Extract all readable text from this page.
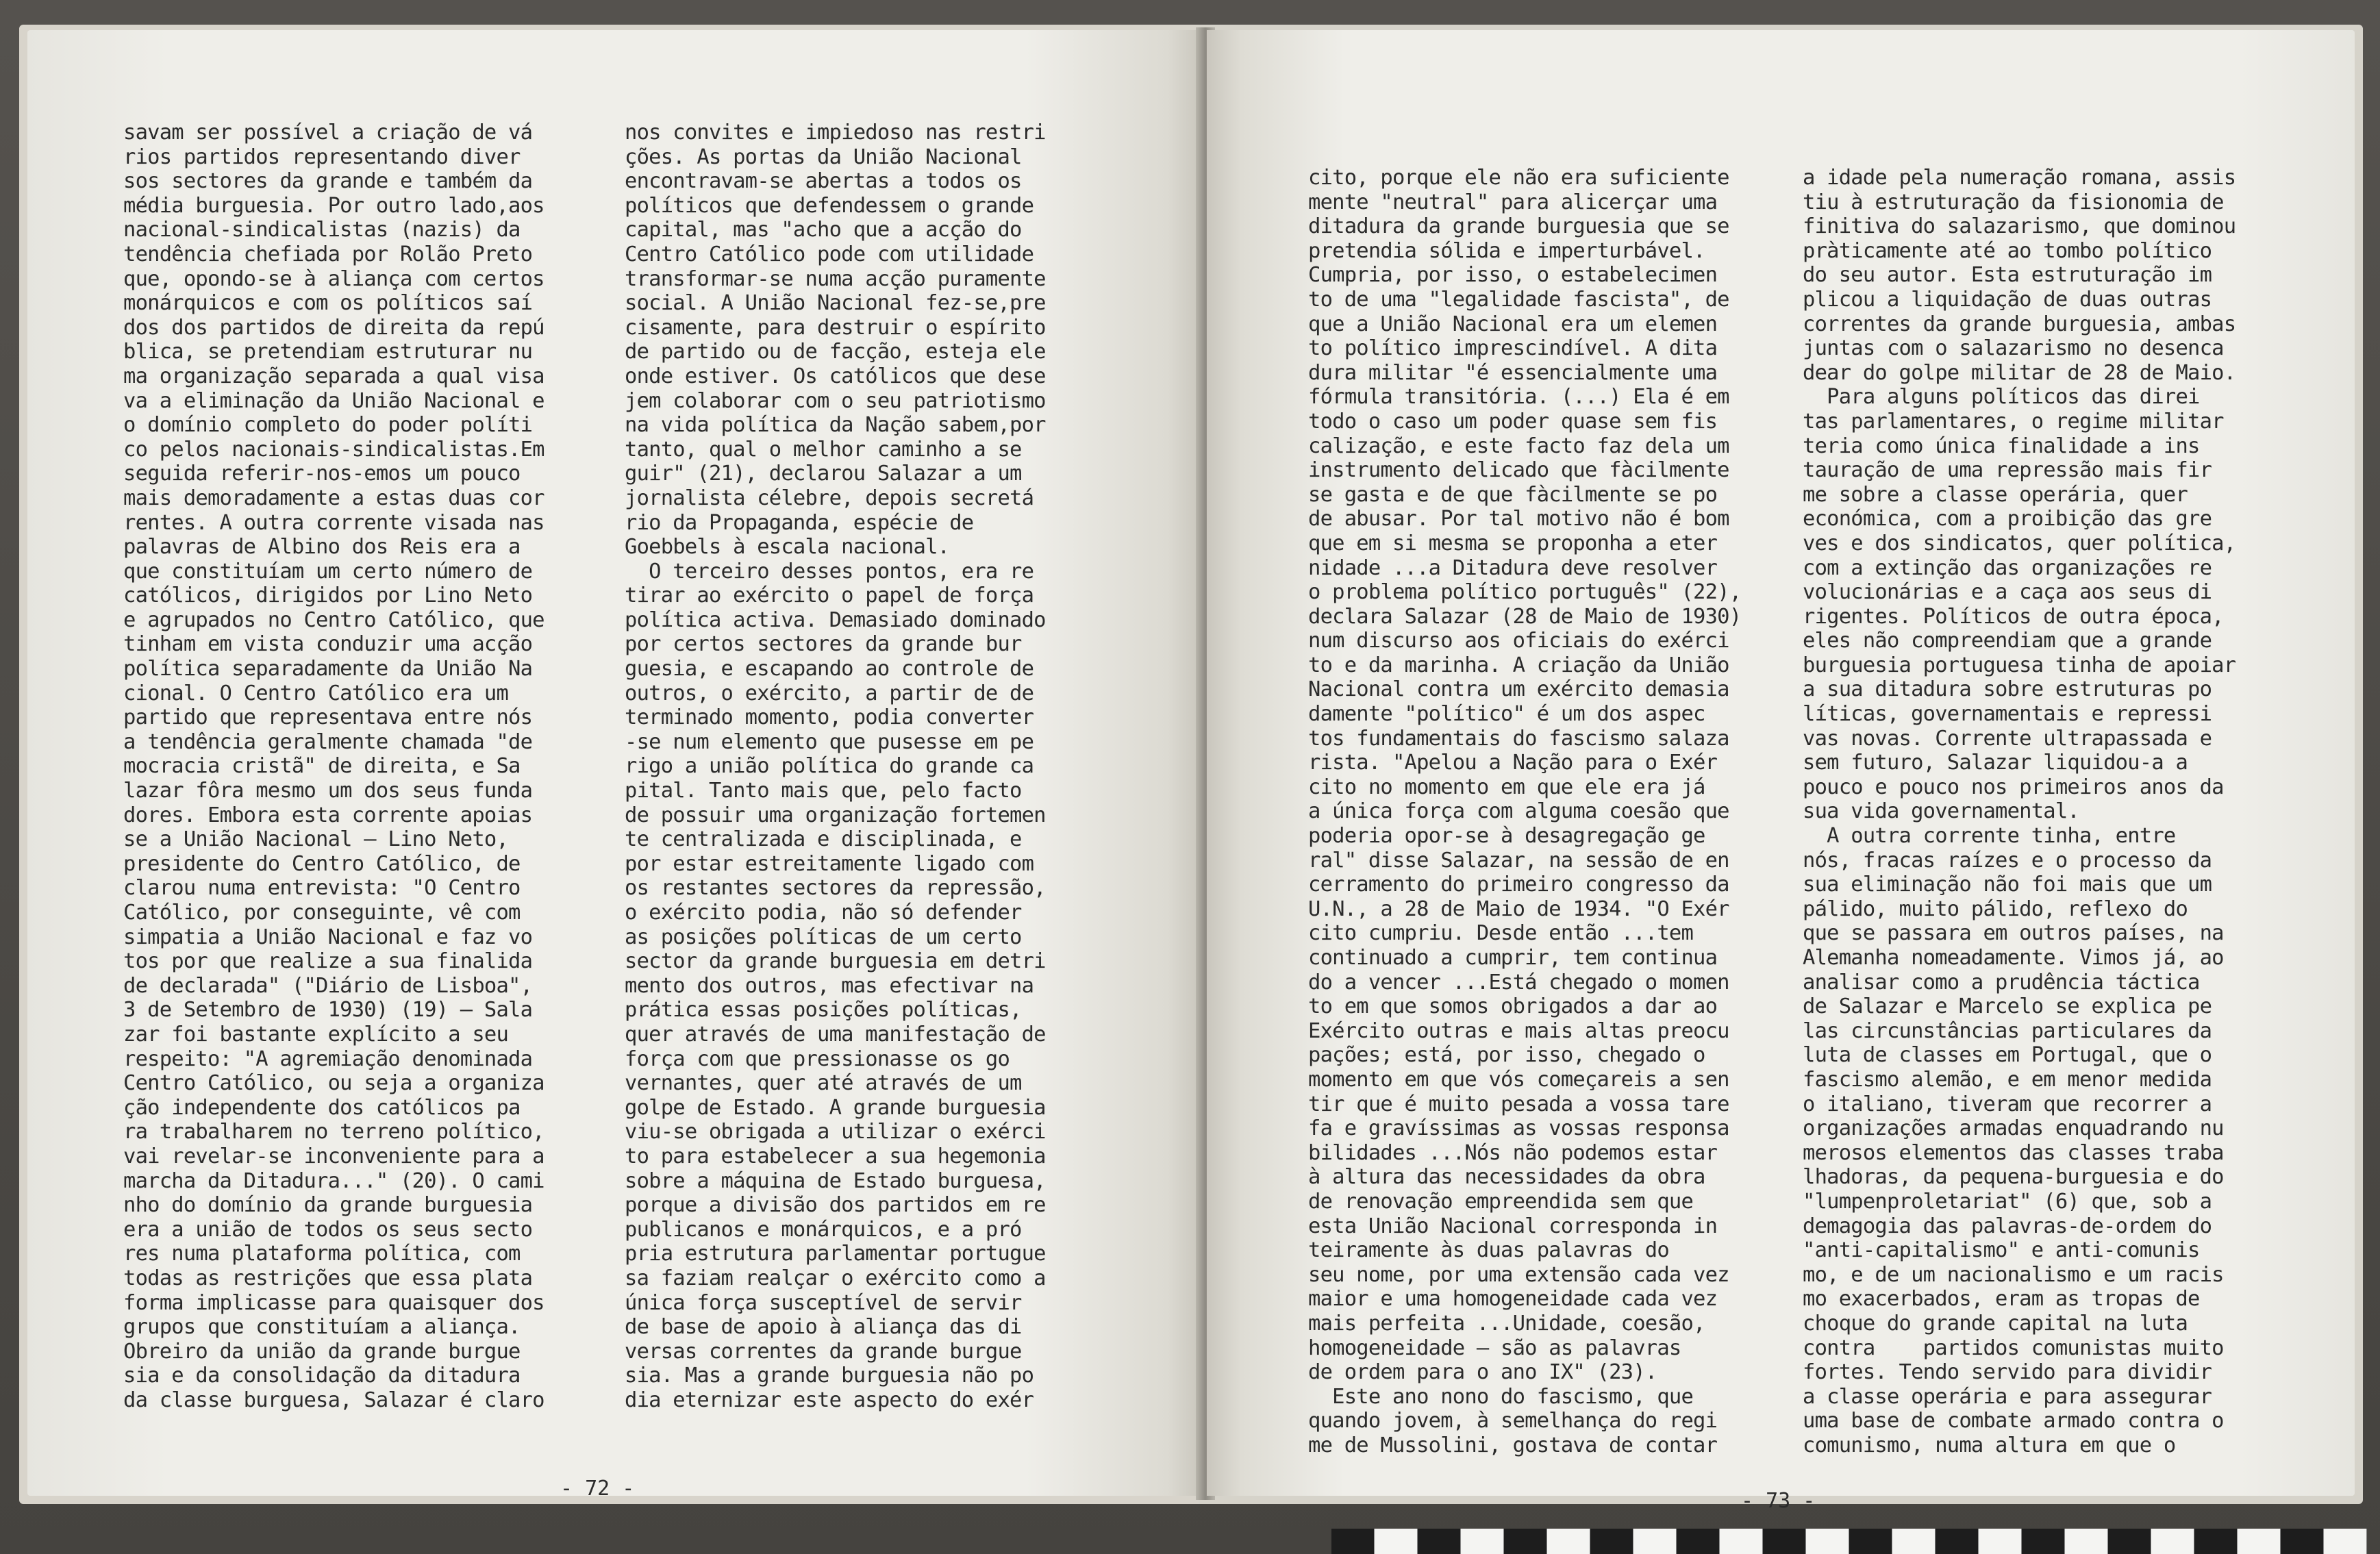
savam ser possível a criação de vá
rios partidos representando diver
sos sectores da grande e também da
média burguesia. Por outro lado,aos
nacional-sindicalistas (nazis) da
tendência chefiada por Rolão Preto
que, opondo-se à aliança com certos
monárquicos e com os políticos saí
dos dos partidos de direita da repú
blica, se pretendiam estruturar nu
ma organização separada a qual visa
va a eliminação da União Nacional e
o domínio completo do poder políti
co pelos nacionais-sindicalistas.Em
seguida referir-nos-emos um pouco
mais demoradamente a estas duas cor
rentes. A outra corrente visada nas
palavras de Albino dos Reis era a
que constituíam um certo número de
católicos, dirigidos por Lino Neto
e agrupados no Centro Católico, que
tinham em vista conduzir uma acção
política separadamente da União Na
cional. O Centro Católico era um
partido que representava entre nós
a tendência geralmente chamada "de
mocracia cristã" de direita, e Sa
lazar fôra mesmo um dos seus funda
dores. Embora esta corrente apoias
se a União Nacional — Lino Neto,
presidente do Centro Católico, de
clarou numa entrevista: "O Centro
Católico, por conseguinte, vê com
simpatia a União Nacional e faz vo
tos por que realize a sua finalida
de declarada" ("Diário de Lisboa",
3 de Setembro de 1930) (19) — Sala
zar foi bastante explícito a seu
respeito: "A agremiação denominada
Centro Católico, ou seja a organiza
ção independente dos católicos pa
ra trabalharem no terreno político,
vai revelar-se inconveniente para a
marcha da Ditadura..." (20). O cami
nho do domínio da grande burguesia
era a união de todos os seus secto
res numa plataforma política, com
todas as restrições que essa plata
forma implicasse para quaisquer dos
grupos que constituíam a aliança.
Obreiro da união da grande burgue
sia e da consolidação da ditadura
da classe burguesa, Salazar é claro
nos convites e impiedoso nas restri
ções. As portas da União Nacional
encontravam-se abertas a todos os
políticos que defendessem o grande
capital, mas "acho que a acção do
Centro Católico pode com utilidade
transformar-se numa acção puramente
social. A União Nacional fez-se,pre
cisamente, para destruir o espírito
de partido ou de facção, esteja ele
onde estiver. Os católicos que dese
jem colaborar com o seu patriotismo
na vida política da Nação sabem,por
tanto, qual o melhor caminho a se
guir" (21), declarou Salazar a um
jornalista célebre, depois secretá
rio da Propaganda, espécie de
Goebbels à escala nacional.
O terceiro desses pontos, era re
tirar ao exército o papel de força
política activa. Demasiado dominado
por certos sectores da grande bur
guesia, e escapando ao controle de
outros, o exército, a partir de de
terminado momento, podia converter
-se num elemento que pusesse em pe
rigo a união política do grande ca
pital. Tanto mais que, pelo facto
de possuir uma organização fortemen
te centralizada e disciplinada, e
por estar estreitamente ligado com
os restantes sectores da repressão,
o exército podia, não só defender
as posições políticas de um certo
sector da grande burguesia em detri
mento dos outros, mas efectivar na
prática essas posições políticas,
quer através de uma manifestação de
força com que pressionasse os go
vernantes, quer até através de um
golpe de Estado. A grande burguesia
viu-se obrigada a utilizar o exérci
to para estabelecer a sua hegemonia
sobre a máquina de Estado burguesa,
porque a divisão dos partidos em re
publicanos e monárquicos, e a pró
pria estrutura parlamentar portugue
sa faziam realçar o exército como a
única força susceptível de servir
de base de apoio à aliança das di
versas correntes da grande burgue
sia. Mas a grande burguesia não po
dia eternizar este aspecto do exér
- 72 -
cito, porque ele não era suficiente
mente "neutral" para alicerçar uma
ditadura da grande burguesia que se
pretendia sólida e imperturbável.
Cumpria, por isso, o estabelecimen
to de uma "legalidade fascista", de
que a União Nacional era um elemen
to político imprescindível. A dita
dura militar "é essencialmente uma
fórmula transitória. (...) Ela é em
todo o caso um poder quase sem fis
calização, e este facto faz dela um
instrumento delicado que fàcilmente
se gasta e de que fàcilmente se po
de abusar. Por tal motivo não é bom
que em si mesma se proponha a eter
nidade ...a Ditadura deve resolver
o problema político português" (22),
declara Salazar (28 de Maio de 1930)
num discurso aos oficiais do exérci
to e da marinha. A criação da União
Nacional contra um exército demasia
damente "político" é um dos aspec
tos fundamentais do fascismo salaza
rista. "Apelou a Nação para o Exér
cito no momento em que ele era já
a única força com alguma coesão que
poderia opor-se à desagregação ge
ral" disse Salazar, na sessão de en
cerramento do primeiro congresso da
U.N., a 28 de Maio de 1934. "O Exér
cito cumpriu. Desde então ...tem
continuado a cumprir, tem continua
do a vencer ...Está chegado o momen
to em que somos obrigados a dar ao
Exército outras e mais altas preocu
pações; está, por isso, chegado o
momento em que vós começareis a sen
tir que é muito pesada a vossa tare
fa e gravíssimas as vossas responsa
bilidades ...Nós não podemos estar
à altura das necessidades da obra
de renovação empreendida sem que
esta União Nacional corresponda in
teiramente às duas palavras do
seu nome, por uma extensão cada vez
maior e uma homogeneidade cada vez
mais perfeita ...Unidade, coesão,
homogeneidade — são as palavras
de ordem para o ano IX" (23).
Este ano nono do fascismo, que
quando jovem, à semelhança do regi
me de Mussolini, gostava de contar
a idade pela numeração romana, assis
tiu à estruturação da fisionomia de
finitiva do salazarismo, que dominou
pràticamente até ao tombo político
do seu autor. Esta estruturação im
plicou a liquidação de duas outras
correntes da grande burguesia, ambas
juntas com o salazarismo no desenca
dear do golpe militar de 28 de Maio.
Para alguns políticos das direi
tas parlamentares, o regime militar
teria como única finalidade a ins
tauração de uma repressão mais fir
me sobre a classe operária, quer
económica, com a proibição das gre
ves e dos sindicatos, quer política,
com a extinção das organizações re
volucionárias e a caça aos seus di
rigentes. Políticos de outra época,
eles não compreendiam que a grande
burguesia portuguesa tinha de apoiar
a sua ditadura sobre estruturas po
líticas, governamentais e repressi
vas novas. Corrente ultrapassada e
sem futuro, Salazar liquidou-a a
pouco e pouco nos primeiros anos da
sua vida governamental.
A outra corrente tinha, entre
nós, fracas raízes e o processo da
sua eliminação não foi mais que um
pálido, muito pálido, reflexo do
que se passara em outros países, na
Alemanha nomeadamente. Vimos já, ao
analisar como a prudência táctica
de Salazar e Marcelo se explica pe
las circunstâncias particulares da
luta de classes em Portugal, que o
fascismo alemão, e em menor medida
o italiano, tiveram que recorrer a
organizações armadas enquadrando nu
merosos elementos das classes traba
lhadoras, da pequena-burguesia e do
"lumpenproletariat" (6) que, sob a
demagogia das palavras-de-ordem do
"anti-capitalismo" e anti-comunis
mo, e de um nacionalismo e um racis
mo exacerbados, eram as tropas de
choque do grande capital na luta
contra    partidos comunistas muito
fortes. Tendo servido para dividir
a classe operária e para assegurar
uma base de combate armado contra o
comunismo, numa altura em que o
- 73 -
